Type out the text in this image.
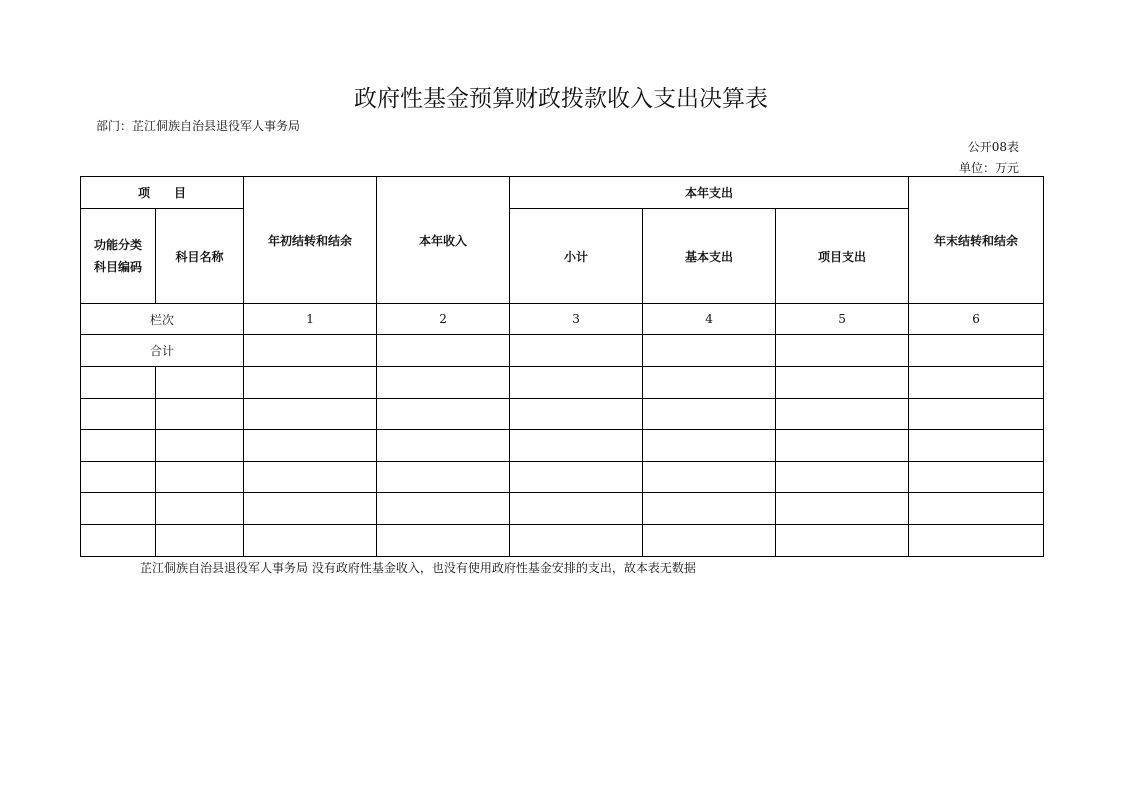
政府性基金预算财政拨款收入支出决算表
部门：芷江侗族自治县退役军人事务局
公开08表
单位：万元
项　　目		年初结转和结余	本年收入	本年支出			年末结转和结余

功能分类
科目编码	科目名称			小计	基本支出	项目支出	
栏次		1	2	3	4	5	6
合计							

芷江侗族自治县退役军人事务局 没有政府性基金收入，也没有使用政府性基金安排的支出，故本表无数据
